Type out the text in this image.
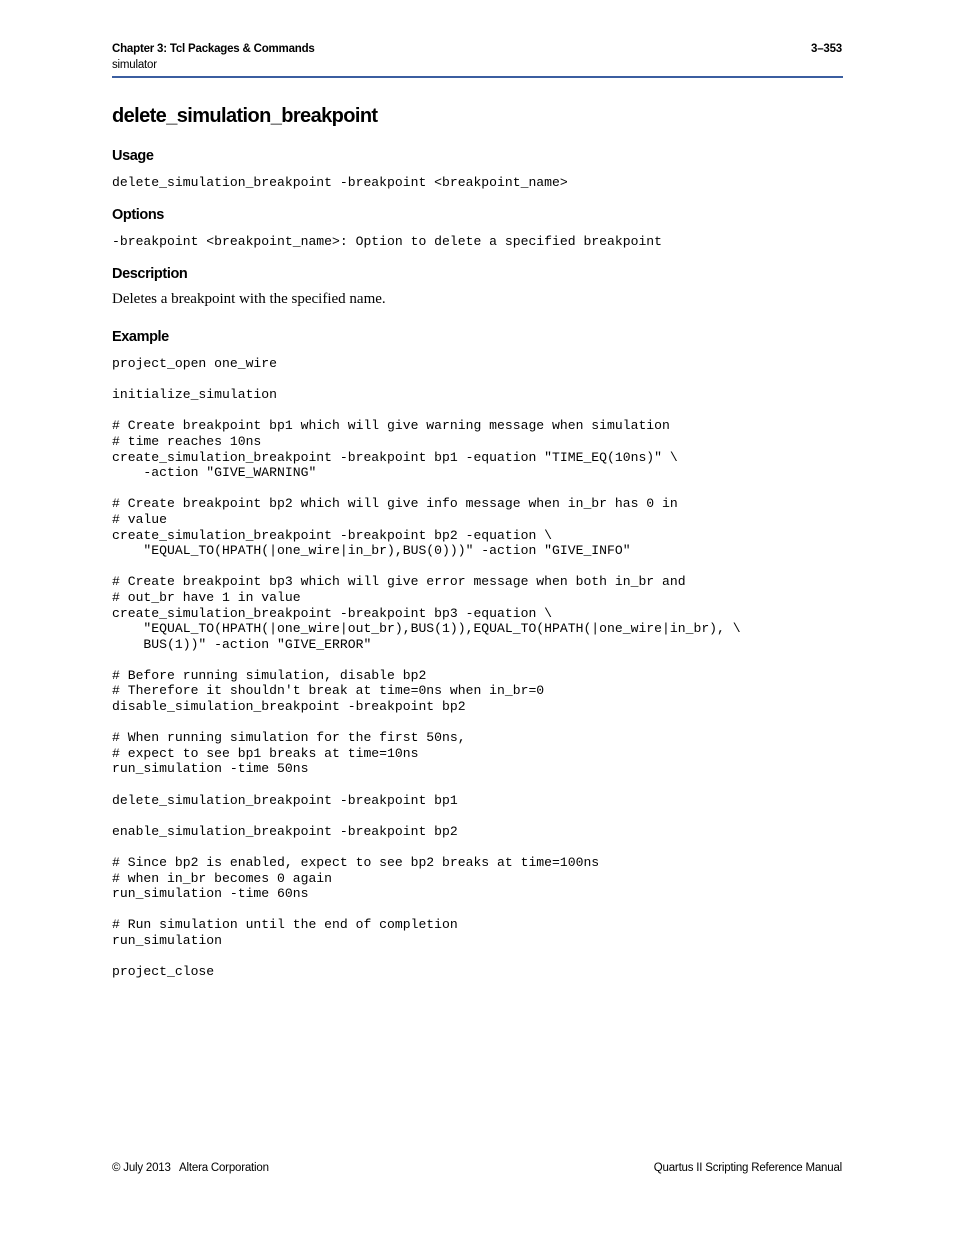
Chapter 3: Tcl Packages & Commands
simulator
3–353
delete_simulation_breakpoint
Usage
delete_simulation_breakpoint -breakpoint <breakpoint_name>
Options
-breakpoint <breakpoint_name>: Option to delete a specified breakpoint
Description
Deletes a breakpoint with the specified name.
Example
project_open one_wire

initialize_simulation

# Create breakpoint bp1 which will give warning message when simulation
# time reaches 10ns
create_simulation_breakpoint -breakpoint bp1 -equation "TIME_EQ(10ns)" \
-action "GIVE_WARNING"

# Create breakpoint bp2 which will give info message when in_br has 0 in
# value
create_simulation_breakpoint -breakpoint bp2 -equation \
"EQUAL_TO(HPATH(|one_wire|in_br),BUS(0)))" -action "GIVE_INFO"

# Create breakpoint bp3 which will give error message when both in_br and
# out_br have 1 in value
create_simulation_breakpoint -breakpoint bp3 -equation \
"EQUAL_TO(HPATH(|one_wire|out_br),BUS(1)),EQUAL_TO(HPATH(|one_wire|in_br), \
BUS(1))" -action "GIVE_ERROR"

# Before running simulation, disable bp2
# Therefore it shouldn't break at time=0ns when in_br=0
disable_simulation_breakpoint -breakpoint bp2

# When running simulation for the first 50ns,
# expect to see bp1 breaks at time=10ns
run_simulation -time 50ns

delete_simulation_breakpoint -breakpoint bp1

enable_simulation_breakpoint -breakpoint bp2

# Since bp2 is enabled, expect to see bp2 breaks at time=100ns
# when in_br becomes 0 again
run_simulation -time 60ns

# Run simulation until the end of completion
run_simulation

project_close
© July 2013   Altera Corporation	Quartus II Scripting Reference Manual
